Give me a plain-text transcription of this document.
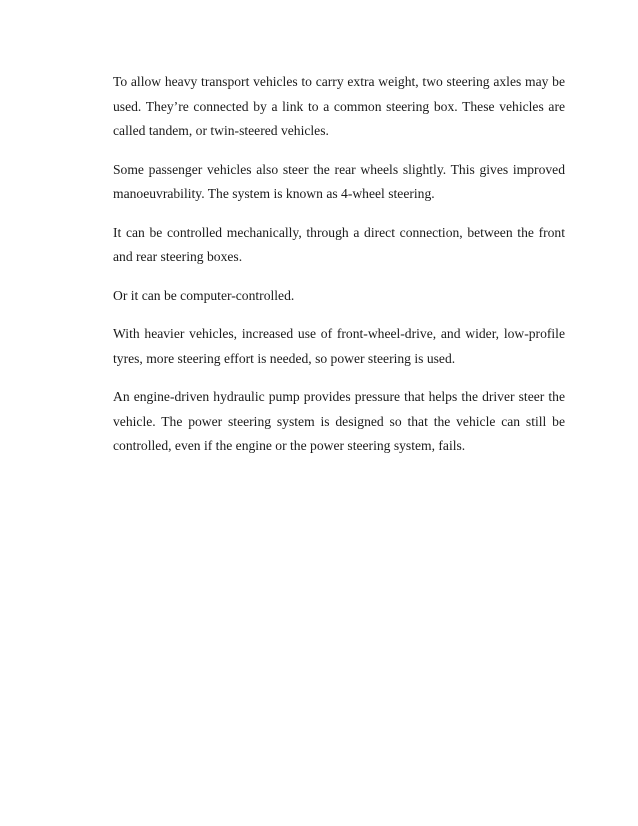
To allow heavy transport vehicles to carry extra weight, two steering axles may be used. They’re connected by a link to a common steering box. These vehicles are called tandem, or twin-steered vehicles.

Some passenger vehicles also steer the rear wheels slightly. This gives improved manoeuvrability. The system is known as 4-wheel steering.

It can be controlled mechanically, through a direct connection, between the front and rear steering boxes.

Or it can be computer-controlled.

With heavier vehicles, increased use of front-wheel-drive, and wider, low-profile tyres, more steering effort is needed, so power steering is used.

An engine-driven hydraulic pump provides pressure that helps the driver steer the vehicle. The power steering system is designed so that the vehicle can still be controlled, even if the engine or the power steering system, fails.
